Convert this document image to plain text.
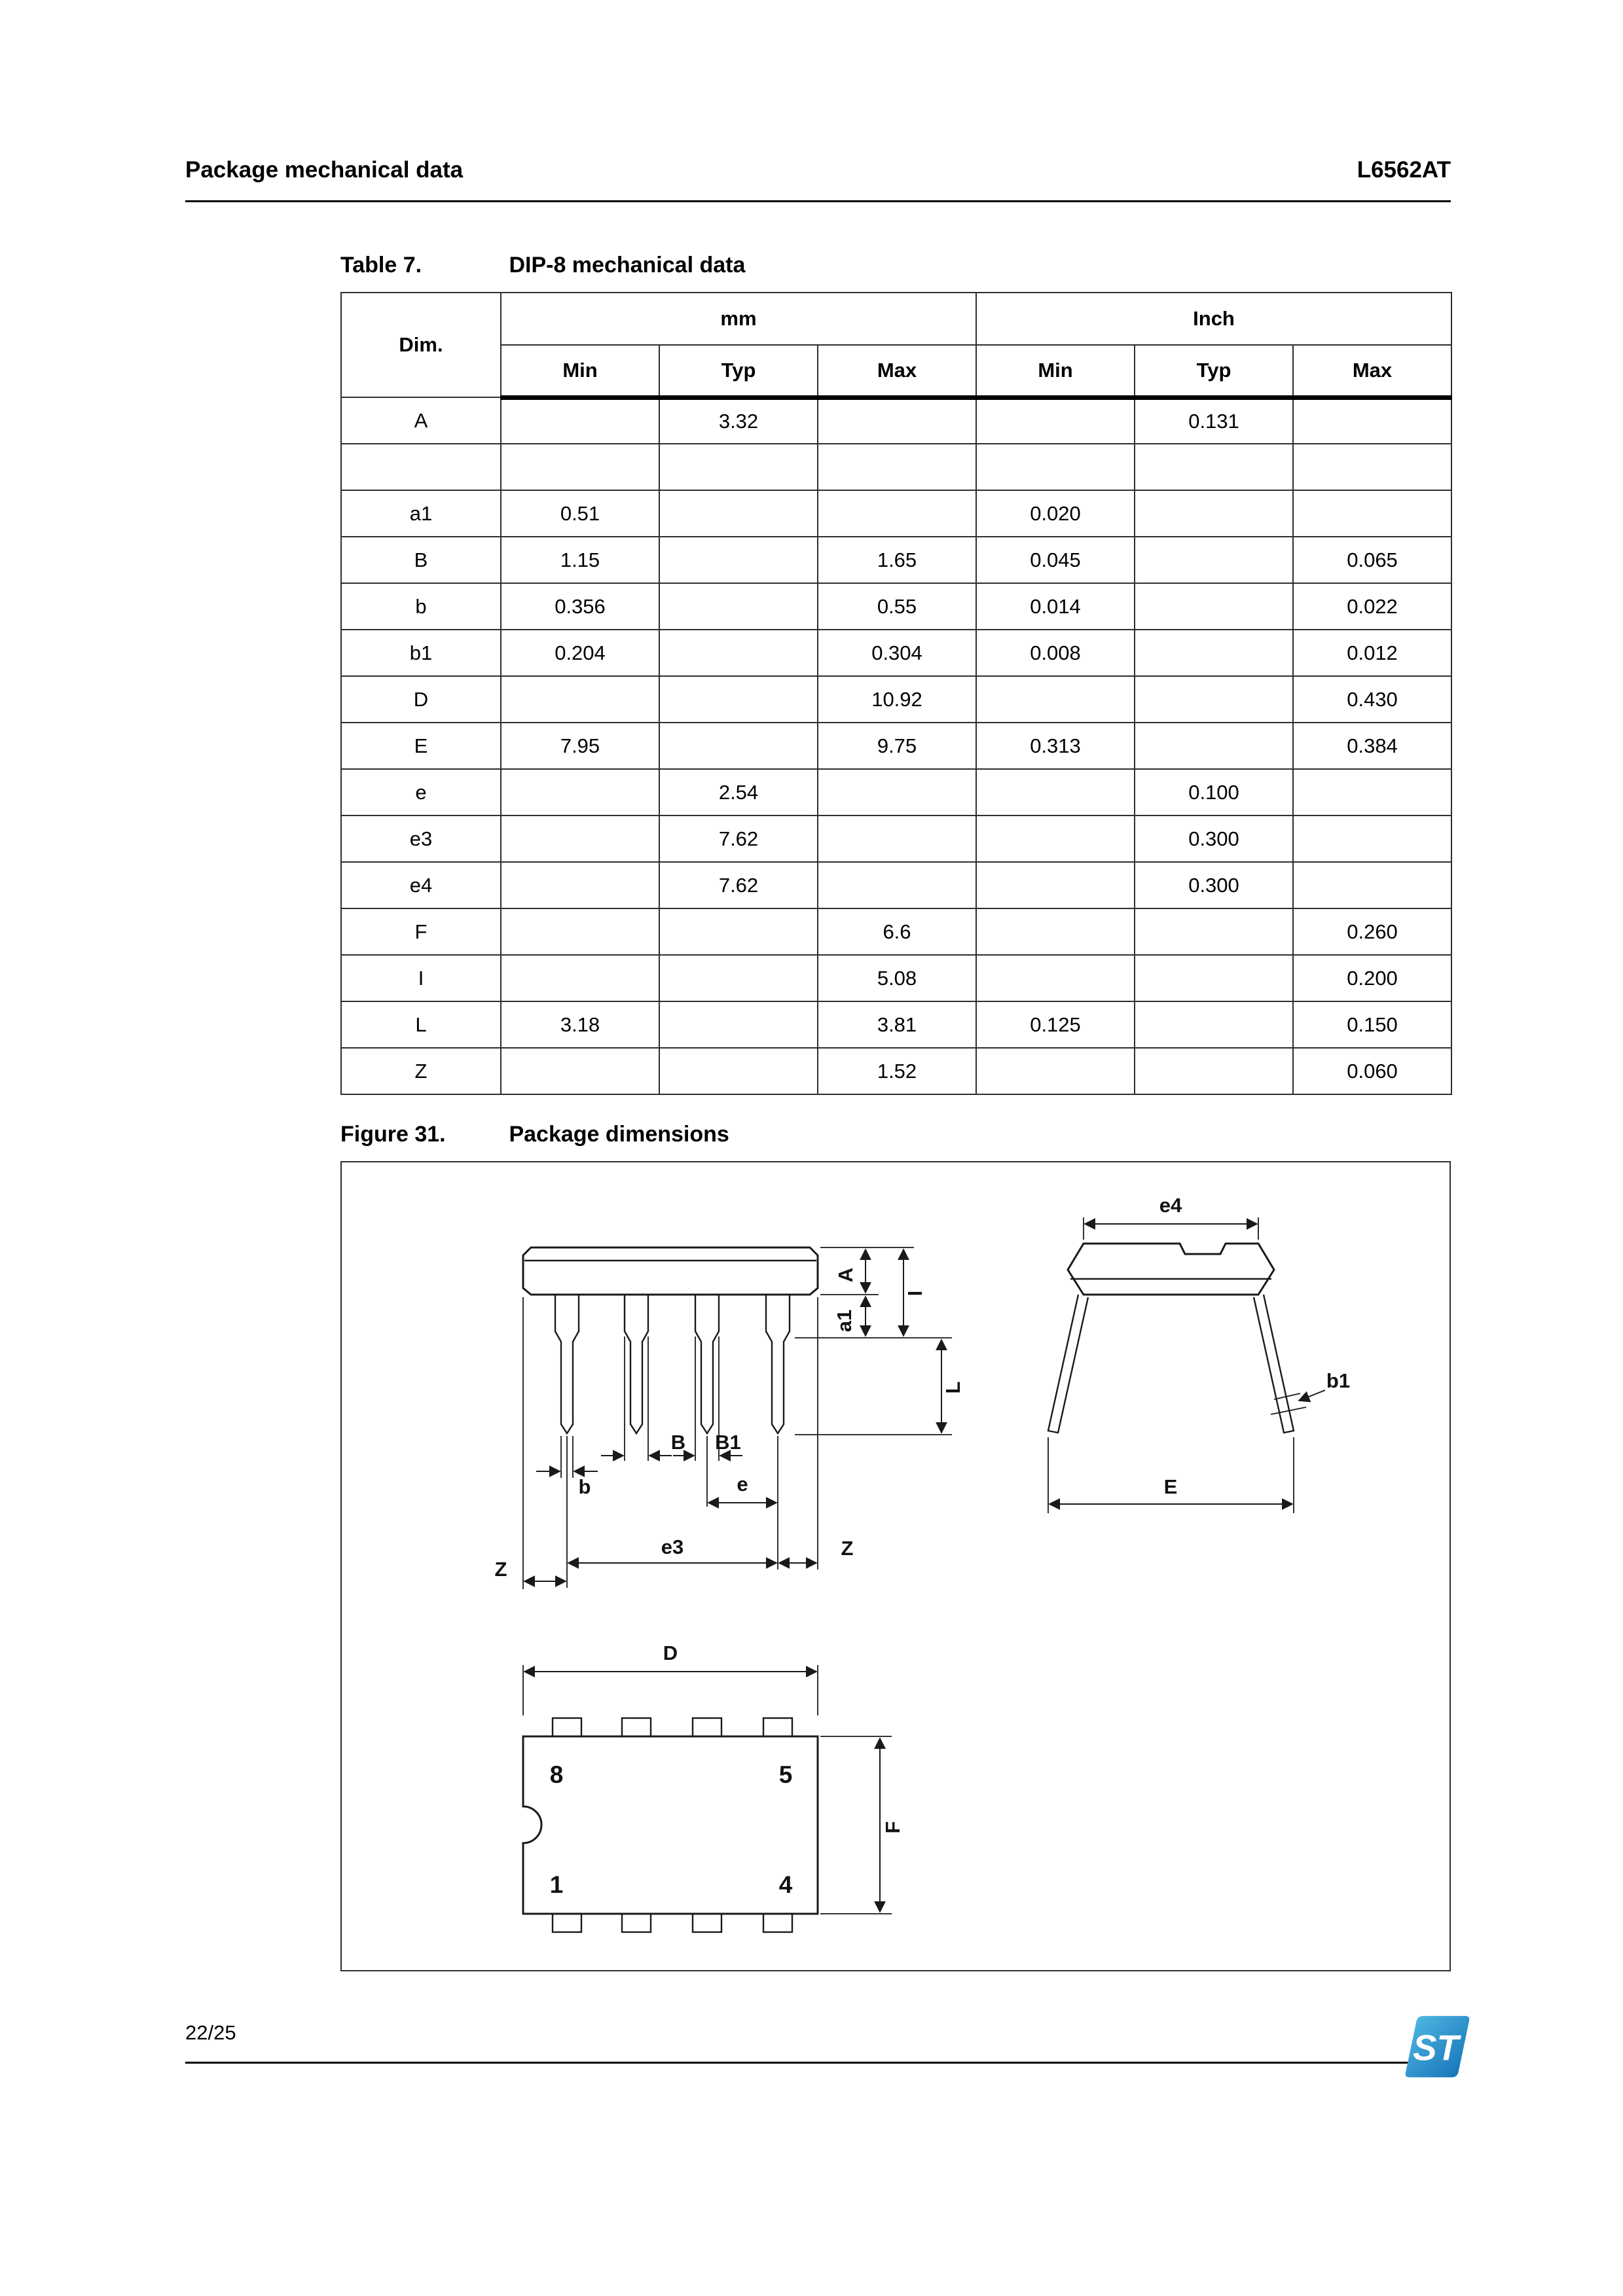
Package mechanical data	L6562AT
Table 7.	DIP-8 mechanical data
Dim.	mm			Inch		
	Min	Typ	Max	Min	Typ	Max
A		3.32			0.131	

a1	0.51			0.020		
B	1.15		1.65	0.045		0.065
b	0.356		0.55	0.014		0.022
b1	0.204		0.304	0.008		0.012
D			10.92			0.430
E	7.95		9.75	0.313		0.384
e		2.54			0.100	
e3		7.62			0.300	
e4		7.62			0.300	
F			6.6			0.260
I			5.08			0.200
L	3.18		3.81	0.125		0.150
Z			1.52			0.060
Figure 31.	Package dimensions
A
a1
I
L
b
B B1
e
e3	Z
Z
e4
b1
E
D
8	5
1	4
F
22/25	ST
